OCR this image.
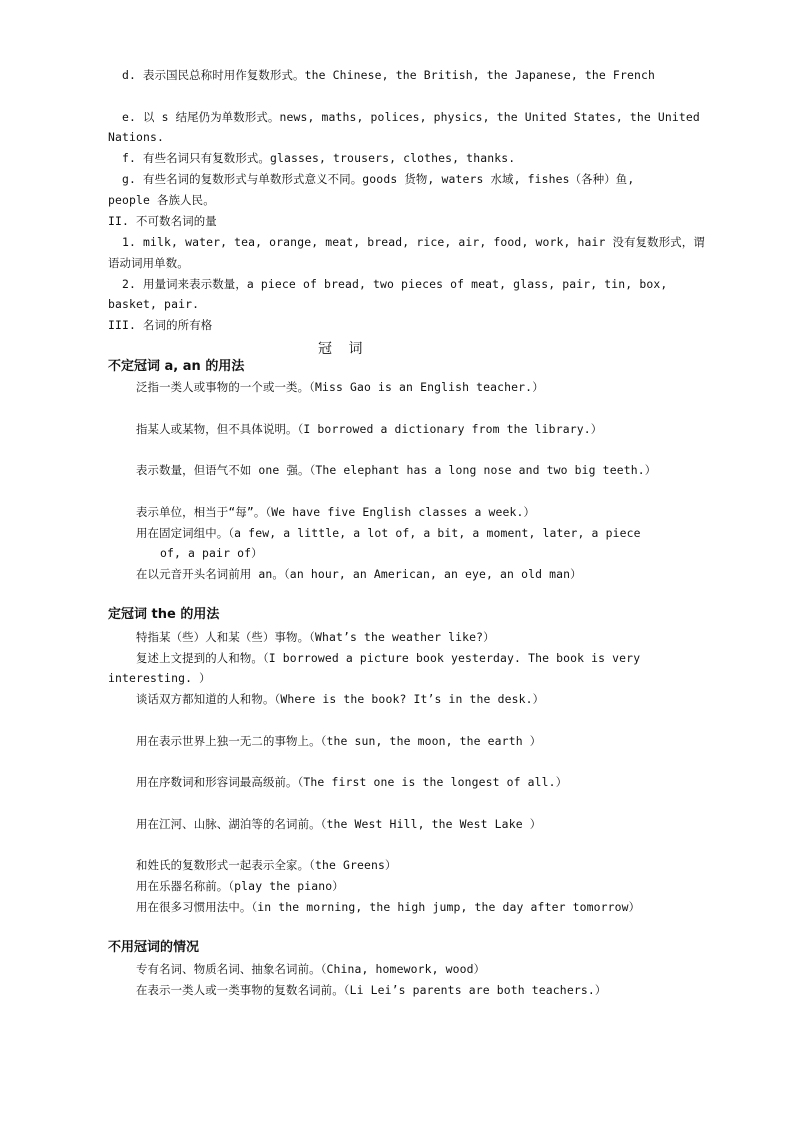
d. 表示国民总称时用作复数形式。the Chinese, the British, the Japanese, the French
e. 以 s 结尾仍为单数形式。news, maths, polices, physics, the United States, the United
Nations.
f. 有些名词只有复数形式。glasses, trousers, clothes, thanks.
g. 有些名词的复数形式与单数形式意义不同。goods 货物, waters 水域, fishes（各种）鱼,
people 各族人民。
II. 不可数名词的量
1. milk, water, tea, orange, meat, bread, rice, air, food, work, hair 没有复数形式，谓
语动词用单数。
2. 用量词来表示数量，a piece of bread, two pieces of meat, glass, pair, tin, box,
basket, pair.
III. 名词的所有格
冠 词
不定冠词 a, an 的用法
泛指一类人或事物的一个或一类。（Miss Gao is an English teacher.）
指某人或某物，但不具体说明。（I borrowed a dictionary from the library.）
表示数量，但语气不如 one 强。（The elephant has a long nose and two big teeth.）
表示单位，相当于“每”。（We have five English classes a week.）
用在固定词组中。（a few, a little, a lot of, a bit, a moment, later, a piece
of, a pair of）
在以元音开头名词前用 an。（an hour, an American, an eye, an old man）
定冠词 the 的用法
特指某（些）人和某（些）事物。（What’s the weather like?）
复述上文提到的人和物。（I borrowed a picture book yesterday. The book is very
interesting. ）
谈话双方都知道的人和物。（Where is the book? It’s in the desk.）
用在表示世界上独一无二的事物上。（the sun, the moon, the earth ）
用在序数词和形容词最高级前。（The first one is the longest of all.）
用在江河、山脉、湖泊等的名词前。（the West Hill, the West Lake ）
和姓氏的复数形式一起表示全家。（the Greens）
用在乐器名称前。（play the piano）
用在很多习惯用法中。（in the morning, the high jump, the day after tomorrow）
不用冠词的情况
专有名词、物质名词、抽象名词前。（China, homework, wood）
在表示一类人或一类事物的复数名词前。（Li Lei’s parents are both teachers.）
